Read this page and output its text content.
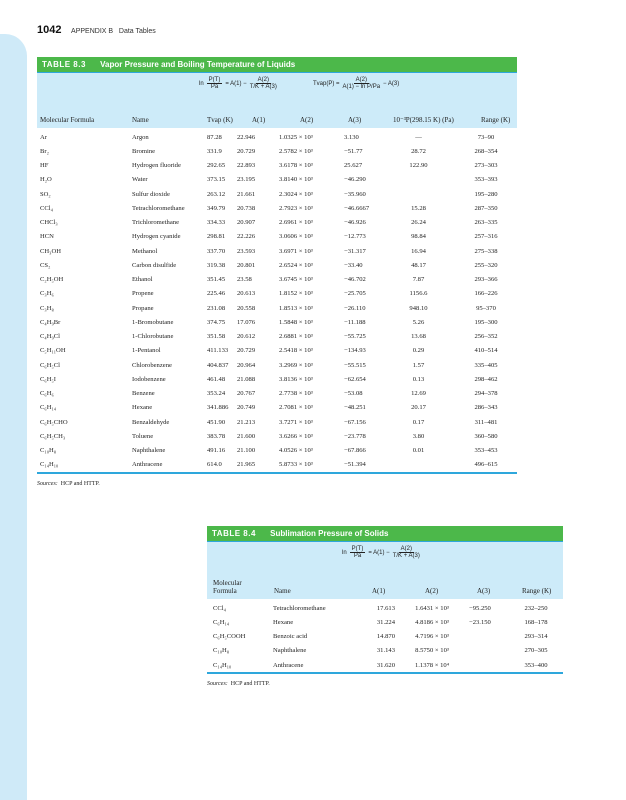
1042 APPENDIX B Data Tables
TABLE 8.3 Vapor Pressure and Boiling Temperature of Liquids
$\ln \frac{P(T)}{Pa} = A(1) - \frac{A(2)}{T/K + A(3)}$	Tvap(P) = $\frac{A(2)}{\text{A(1) − ln P/Pa}} - A(3)$
Molecular Formula	Name	Tvap (K)	A(1)	A(2)	A(3)	10⁻³P(298.15 K) (Pa)	Range (K)
Ar	Argon	87.28	22.946	1.0325 × 10³	3.130	—	73–90
Br₂	Bromine	331.9	20.729	2.5782 × 10³	−51.77	28.72	268–354
HF	Hydrogen fluoride	292.65	22.893	3.6178 × 10³	25.627	122.90	273–303
H₂O	Water	373.15	23.195	3.8140 × 10³	−46.290		353–393
SO₂	Sulfur dioxide	263.12	21.661	2.3024 × 10³	−35.960		195–280
CCl₄	Tetrachloromethane	349.79	20.738	2.7923 × 10³	−46.6667	15.28	287–350
CHCl₃	Trichloromethane	334.33	20.907	2.6961 × 10³	−46.926	26.24	263–335
HCN	Hydrogen cyanide	298.81	22.226	3.0606 × 10³	−12.773	98.84	257–316
CH₃OH	Methanol	337.70	23.593	3.6971 × 10³	−31.317	16.94	275–338
CS₂	Carbon disulfide	319.38	20.801	2.6524 × 10³	−33.40	48.17	255–320
C₂H₅OH	Ethanol	351.45	23.58	3.6745 × 10³	−46.702	7.87	293–366
C₃H₆	Propene	225.46	20.613	1.8152 × 10³	−25.705	1156.6	166–226
C₃H₈	Propane	231.08	20.558	1.8513 × 10³	−26.110	948.10	95–370
C₄H₉Br	1-Bromobutane	374.75	17.076	1.5848 × 10³	−11.188	5.26	195–300
C₄H₉Cl	1-Chlorobutane	351.58	20.612	2.6881 × 10³	−55.725	13.68	256–352
C₅H₁₁OH	1-Pentanol	411.133	20.729	2.5418 × 10³	−134.93	0.29	410–514
C₆H₅Cl	Chlorobenzene	404.837	20.964	3.2969 × 10³	−55.515	1.57	335–405
C₆H₅I	Iodobenzene	461.48	21.088	3.8136 × 10³	−62.654	0.13	298–462
C₆H₆	Benzene	353.24	20.767	2.7738 × 10³	−53.08	12.69	294–378
C₆H₁₄	Hexane	341.886	20.749	2.7081 × 10³	−48.251	20.17	286–343
C₆H₅CHO	Benzaldehyde	451.90	21.213	3.7271 × 10³	−67.156	0.17	311–481
C₆H₅CH₃	Toluene	383.78	21.600	3.6266 × 10³	−23.778	3.80	360–580
C₁₀H₈	Naphthalene	491.16	21.100	4.0526 × 10³	−67.866	0.01	353–453
C₁₄H₁₀	Anthracene	614.0	21.965	5.8733 × 10³	−51.394		496–615
Sources: HCP and HTTP.
TABLE 8.4 Sublimation Pressure of Solids
$\ln \frac{P(T)}{Pa} = A(1) - \frac{A(2)}{T/K + A(3)}$
Molecular Formula	Name	A(1)	A(2)	A(3)	Range (K)
CCl₄	Tetrachloromethane	17.613	1.6431 × 10³	−95.250	232–250
C₆H₁₄	Hexane	31.224	4.8186 × 10³	−23.150	168–178
C₆H₅COOH	Benzoic acid	14.870	4.7196 × 10³		293–314
C₁₀H₈	Naphthalene	31.143	8.5750 × 10³		270–305
C₁₄H₁₀	Anthracene	31.620	1.1378 × 10⁴		353–400
Sources: HCP and HTTP.
